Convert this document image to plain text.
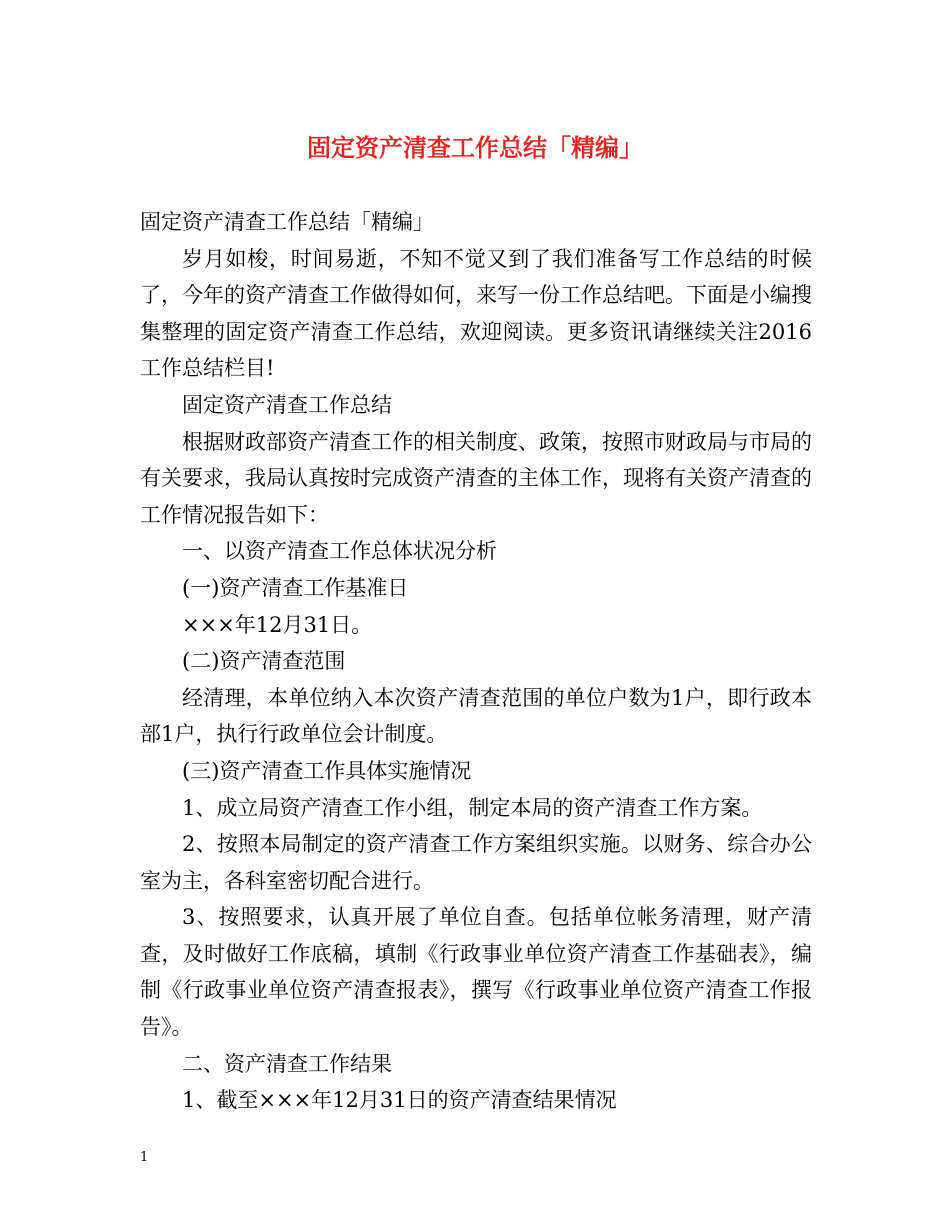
固定资产清查工作总结「精编」

固定资产清查工作总结「精编」

岁月如梭，时间易逝，不知不觉又到了我们准备写工作总结的时候了，今年的资产清查工作做得如何，来写一份工作总结吧。下面是小编搜集整理的固定资产清查工作总结，欢迎阅读。更多资讯请继续关注2016工作总结栏目!

固定资产清查工作总结

根据财政部资产清查工作的相关制度、政策，按照市财政局与市局的有关要求，我局认真按时完成资产清查的主体工作，现将有关资产清查的工作情况报告如下：

一、以资产清查工作总体状况分析

(一)资产清查工作基准日

×××年12月31日。

(二)资产清查范围

经清理，本单位纳入本次资产清查范围的单位户数为1户，即行政本部1户，执行行政单位会计制度。

(三)资产清查工作具体实施情况

1、成立局资产清查工作小组，制定本局的资产清查工作方案。

2、按照本局制定的资产清查工作方案组织实施。以财务、综合办公室为主，各科室密切配合进行。

3、按照要求，认真开展了单位自查。包括单位帐务清理，财产清查，及时做好工作底稿，填制《行政事业单位资产清查工作基础表》，编制《行政事业单位资产清查报表》，撰写《行政事业单位资产清查工作报告》。

二、资产清查工作结果

1、截至×××年12月31日的资产清查结果情况

1
